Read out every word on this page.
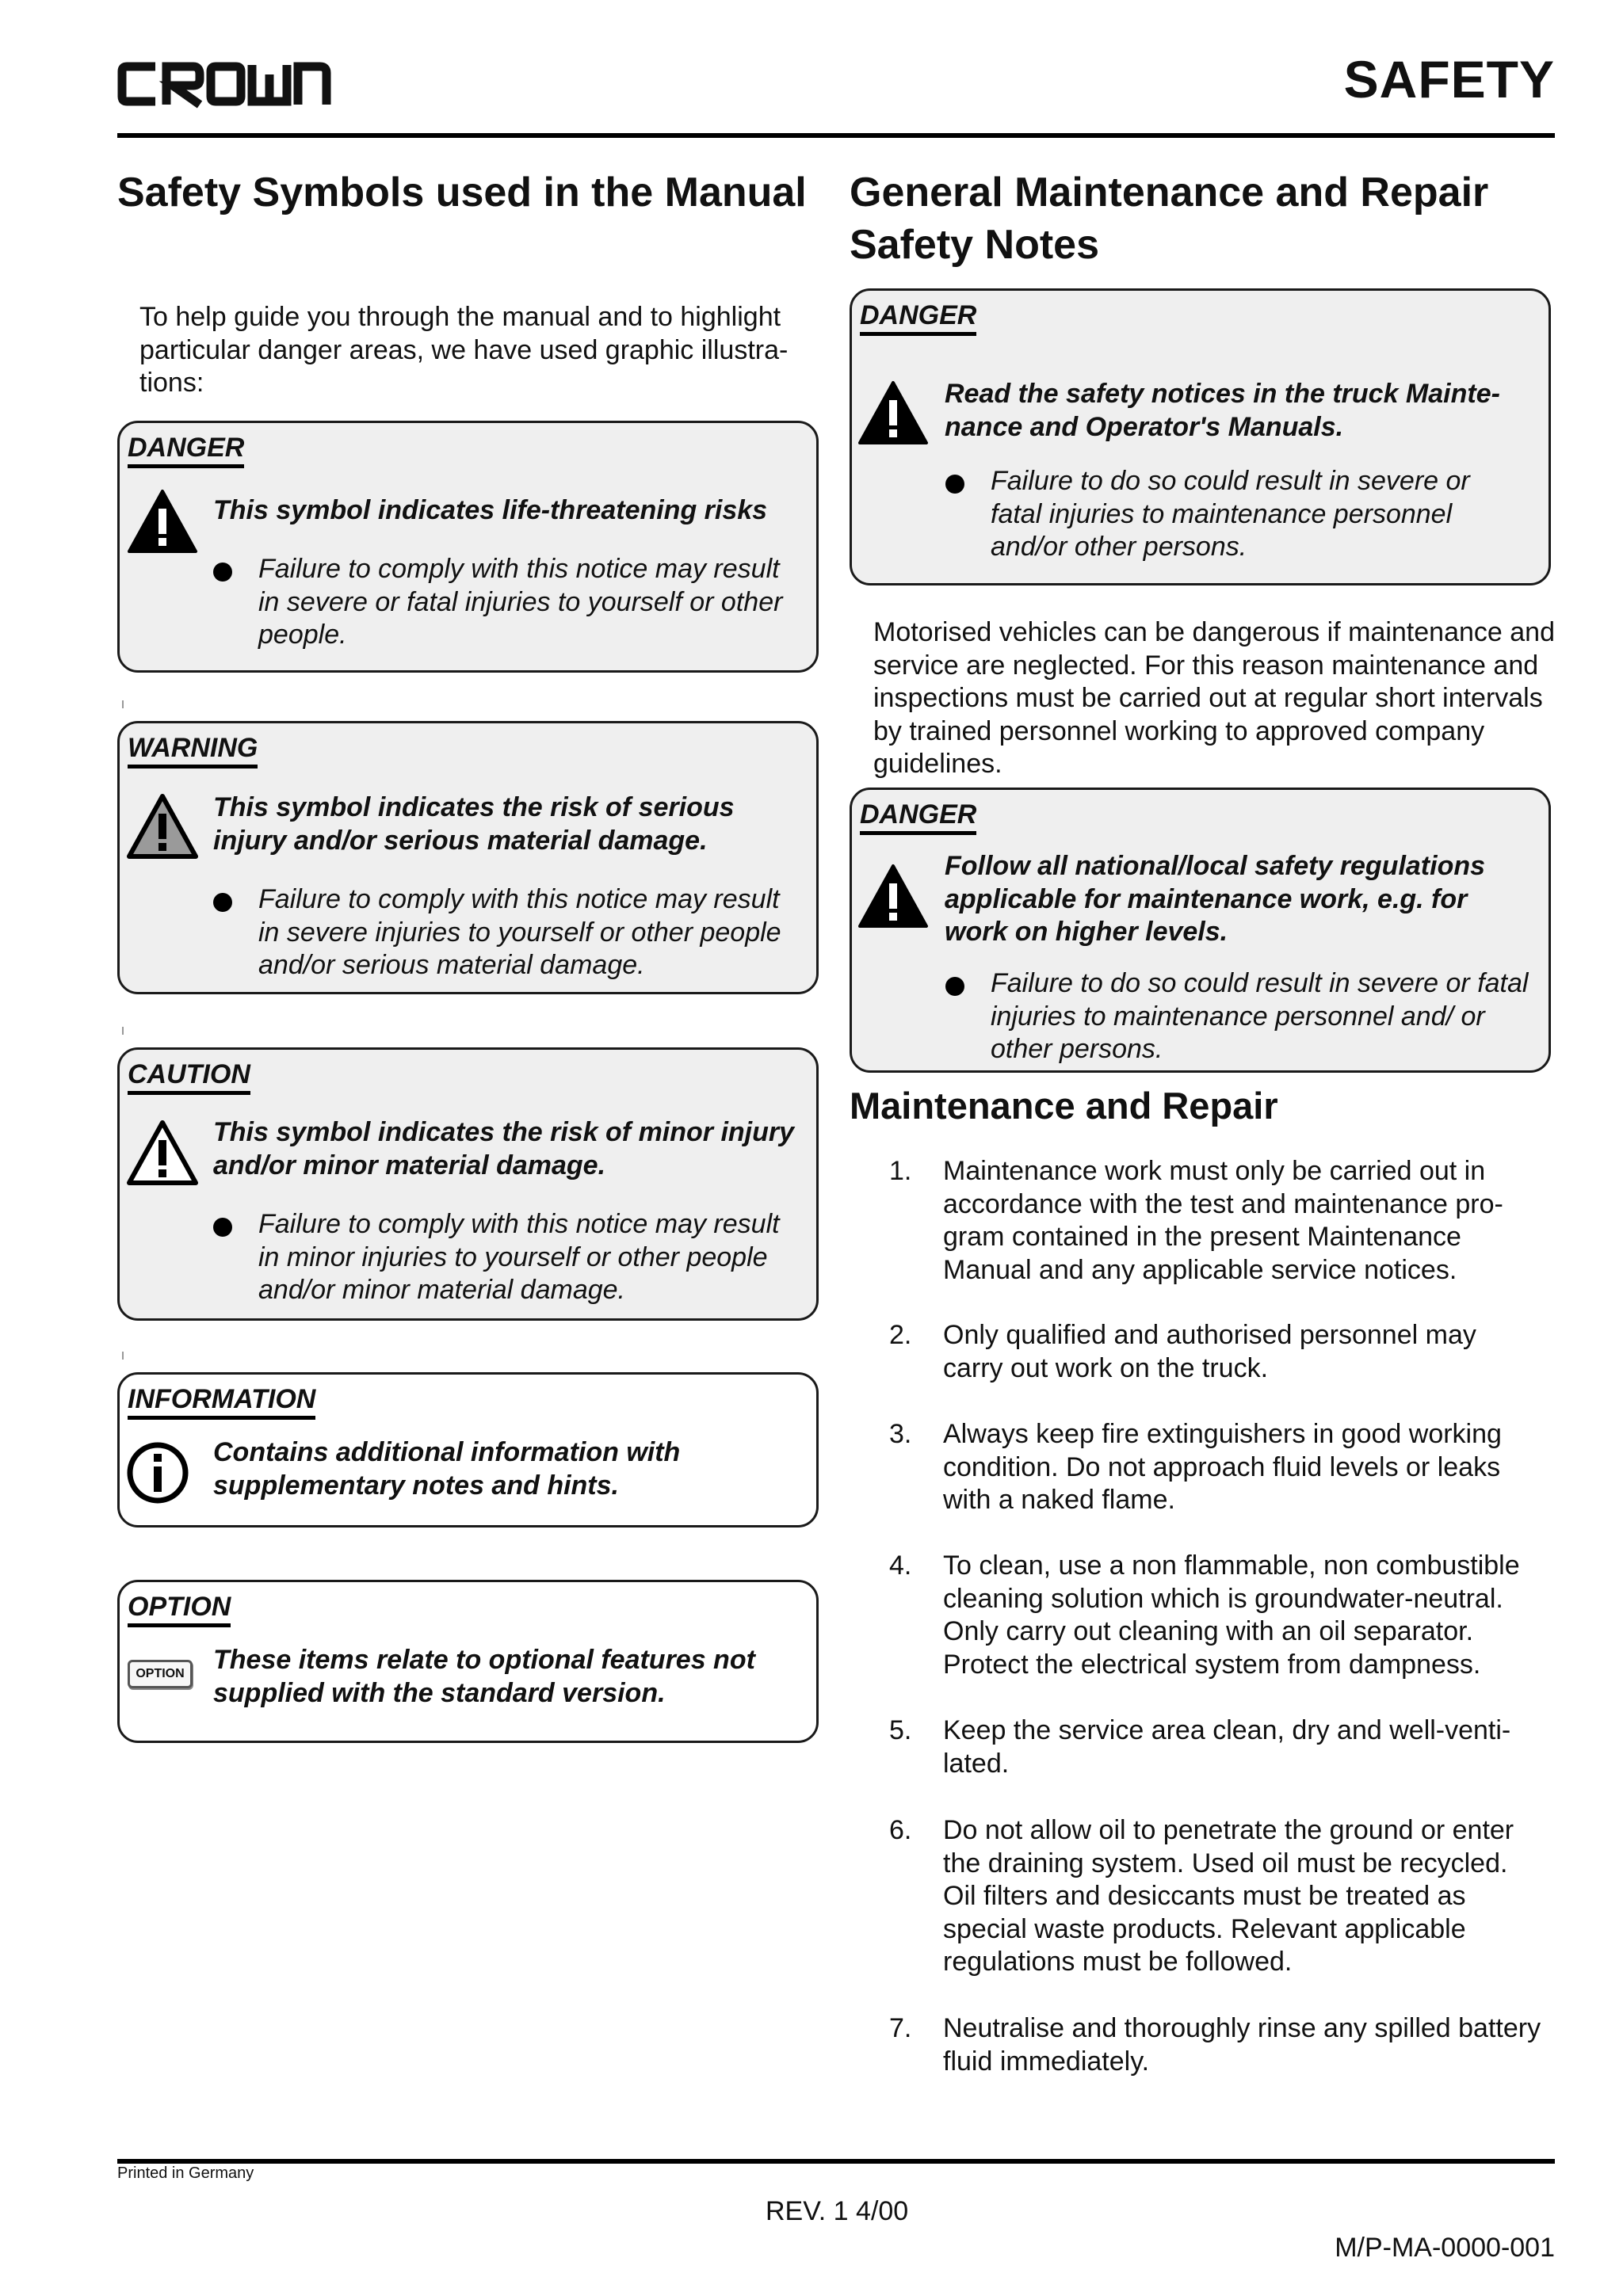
SAFETY
Safety Symbols used in the Manual
To help guide you through the manual and to highlight particular danger areas, we have used graphic illustra-tions:
DANGER
This symbol indicates life-threatening risks
Failure to comply with this notice may result in severe or fatal injuries to yourself or other people.
WARNING
This symbol indicates the risk of serious injury and/or serious material damage.
Failure to comply with this notice may result in severe injuries to yourself or other people and/or serious material damage.
CAUTION
This symbol indicates the risk of minor injury and/or minor material damage.
Failure to comply with this notice may result in minor injuries to yourself or other people and/or minor material damage.
INFORMATION
Contains additional information with supplementary notes and hints.
OPTION
OPTION	These items relate to optional features not supplied with the standard version.
General Maintenance and Repair Safety Notes
DANGER
Read the safety notices in the truck Mainte-nance and Operator's Manuals.
Failure to do so could result in severe or fatal injuries to maintenance personnel and/or other persons.
Motorised vehicles can be dangerous if maintenance and service are neglected. For this reason maintenance and inspections must be carried out at regular short intervals by trained personnel working to approved company guidelines.
DANGER
Follow all national/local safety regulations applicable for maintenance work, e.g. for work on higher levels.
Failure to do so could result in severe or fatal injuries to maintenance personnel and/ or other persons.
Maintenance and Repair
1. Maintenance work must only be carried out in accordance with the test and maintenance pro-gram contained in the present Maintenance Manual and any applicable service notices.
2. Only qualified and authorised personnel may carry out work on the truck.
3. Always keep fire extinguishers in good working condition. Do not approach fluid levels or leaks with a naked flame.
4. To clean, use a non flammable, non combustible cleaning solution which is groundwater-neutral. Only carry out cleaning with an oil separator. Protect the electrical system from dampness.
5. Keep the service area clean, dry and well-venti-lated.
6. Do not allow oil to penetrate the ground or enter the draining system. Used oil must be recycled. Oil filters and desiccants must be treated as special waste products. Relevant applicable regulations must be followed.
7. Neutralise and thoroughly rinse any spilled battery fluid immediately.
Printed in Germany
REV. 1 4/00
M/P-MA-0000-001
